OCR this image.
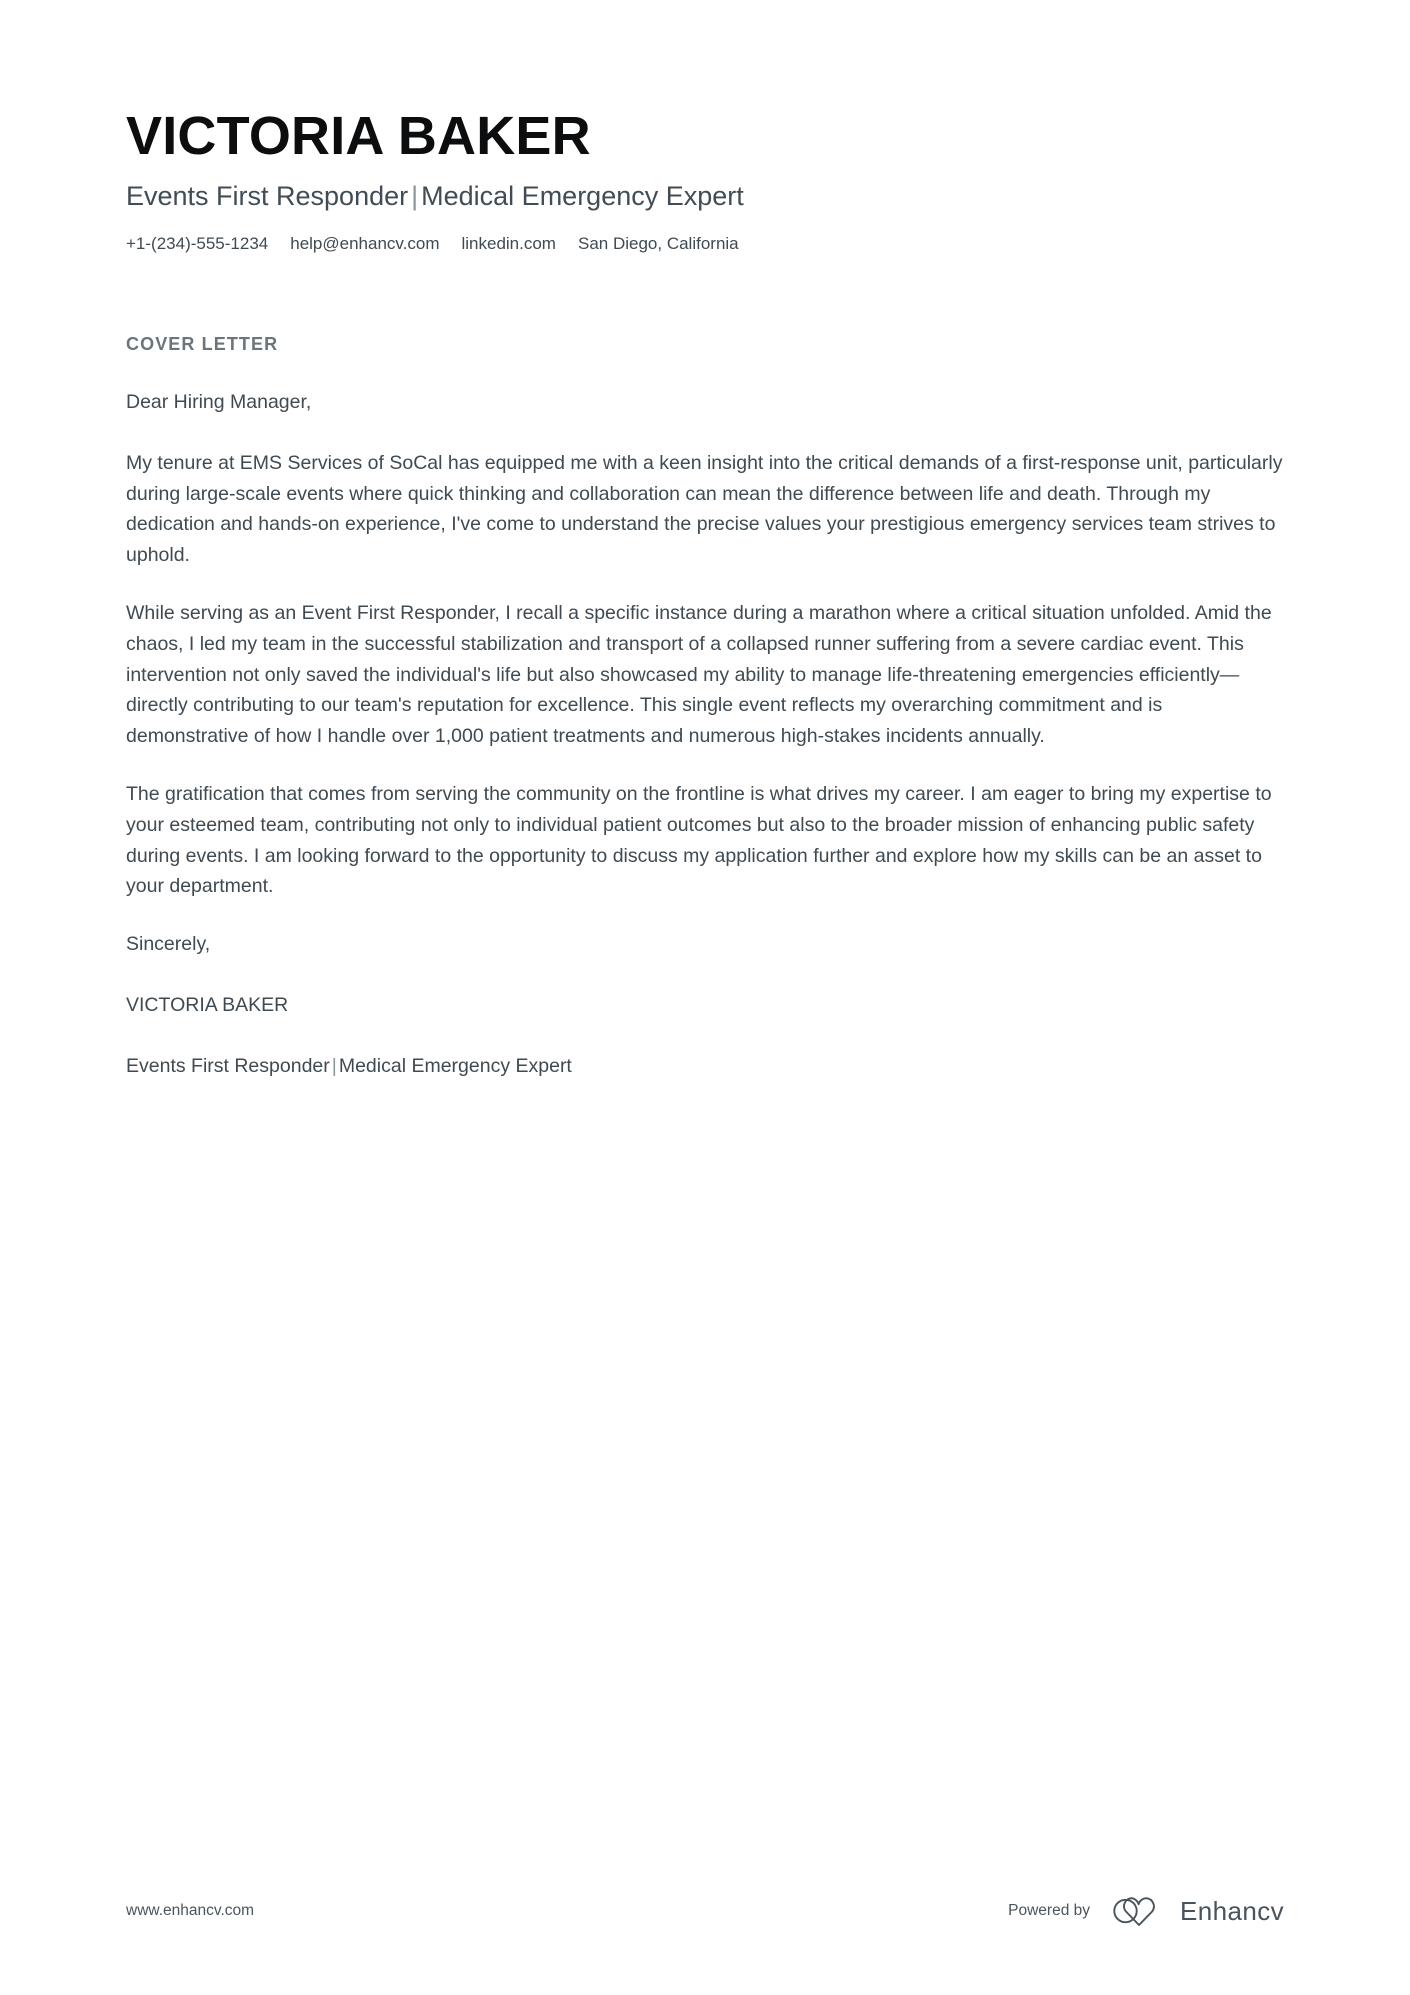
VICTORIA BAKER
Events First Responder | Medical Emergency Expert
+1-(234)-555-1234 help@enhancv.com linkedin.com San Diego, California
COVER LETTER

Dear Hiring Manager,

My tenure at EMS Services of SoCal has equipped me with a keen insight into the critical demands of a first-response unit, particularly during large-scale events where quick thinking and collaboration can mean the difference between life and death. Through my dedication and hands-on experience, I've come to understand the precise values your prestigious emergency services team strives to uphold.

While serving as an Event First Responder, I recall a specific instance during a marathon where a critical situation unfolded. Amid the chaos, I led my team in the successful stabilization and transport of a collapsed runner suffering from a severe cardiac event. This intervention not only saved the individual's life but also showcased my ability to manage life-threatening emergencies efficiently—directly contributing to our team's reputation for excellence. This single event reflects my overarching commitment and is demonstrative of how I handle over 1,000 patient treatments and numerous high-stakes incidents annually.

The gratification that comes from serving the community on the frontline is what drives my career. I am eager to bring my expertise to your esteemed team, contributing not only to individual patient outcomes but also to the broader mission of enhancing public safety during events. I am looking forward to the opportunity to discuss my application further and explore how my skills can be an asset to your department.

Sincerely,

VICTORIA BAKER

Events First Responder | Medical Emergency Expert

www.enhancv.com	Powered by	Enhancv
